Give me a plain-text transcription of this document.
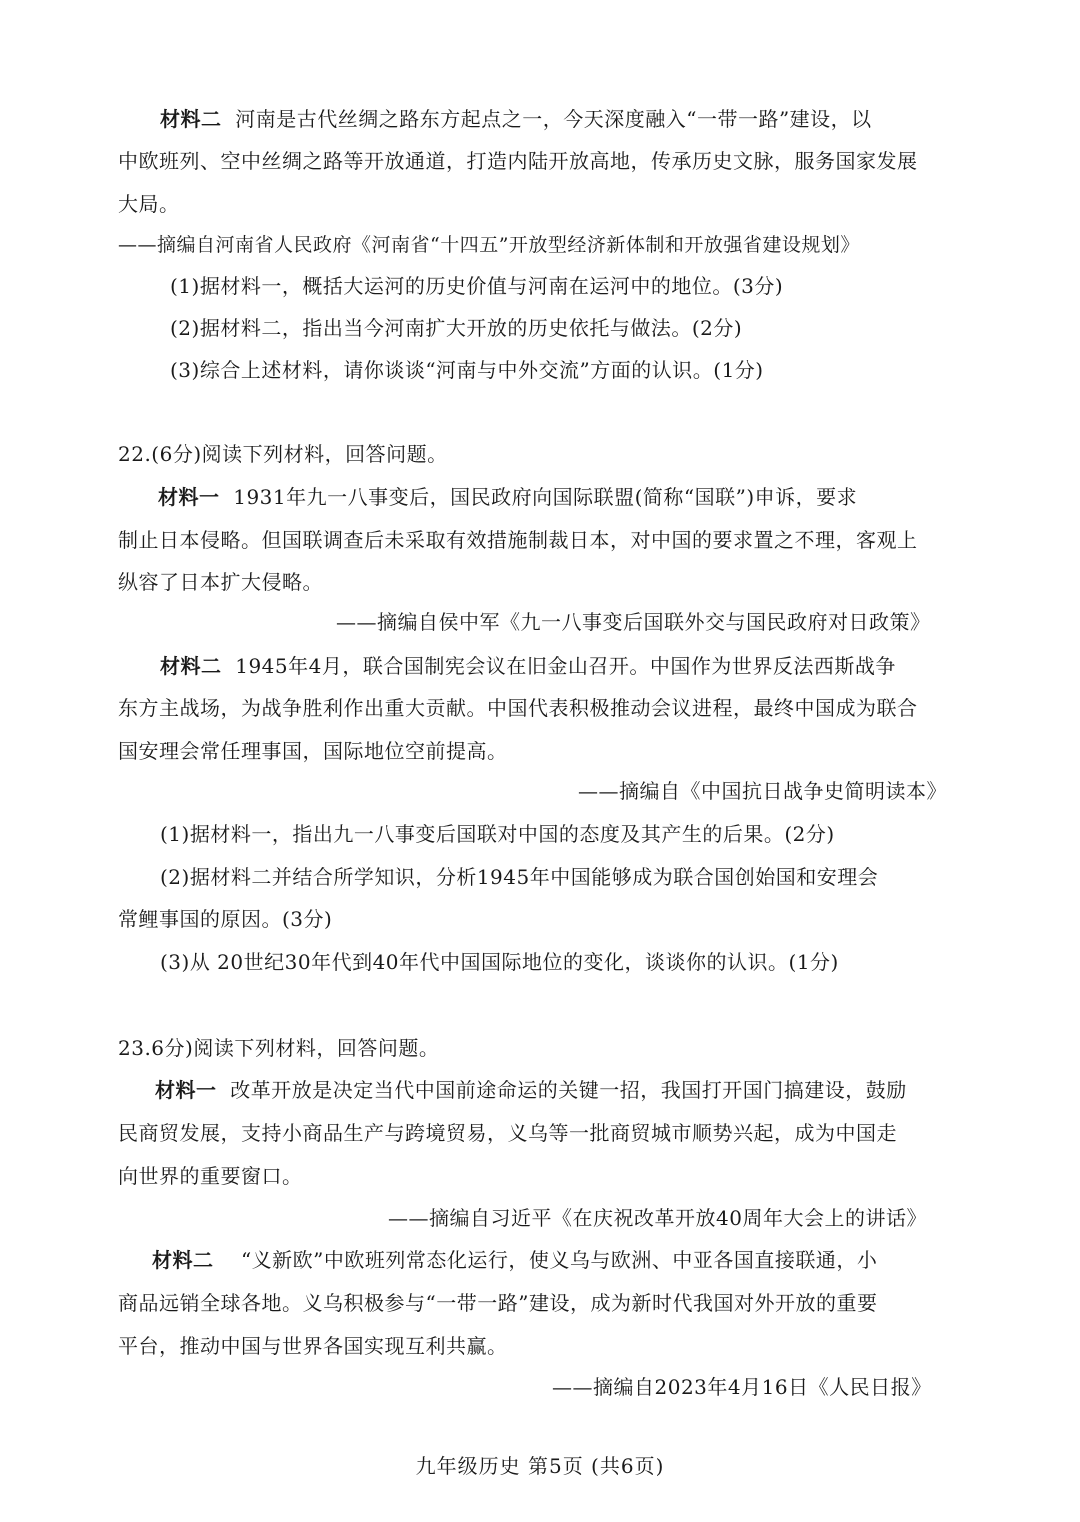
材料二 河南是古代丝绸之路东方起点之一，今天深度融入“一带一路”建设，以
中欧班列、空中丝绸之路等开放通道，打造内陆开放高地，传承历史文脉，服务国家发展
大局。
——摘编自河南省人民政府《河南省“十四五”开放型经济新体制和开放强省建设规划》
(1)据材料一，概括大运河的历史价值与河南在运河中的地位。(3分)
(2)据材料二，指出当今河南扩大开放的历史依托与做法。(2分)
(3)综合上述材料，请你谈谈“河南与中外交流”方面的认识。(1分)
22.(6分)阅读下列材料，回答问题。
材料一 1931年九一八事变后，国民政府向国际联盟(简称“国联”)申诉，要求
制止日本侵略。但国联调查后未采取有效措施制裁日本，对中国的要求置之不理，客观上
纵容了日本扩大侵略。
——摘编自侯中军《九一八事变后国联外交与国民政府对日政策》
材料二 1945年4月，联合国制宪会议在旧金山召开。中国作为世界反法西斯战争
东方主战场，为战争胜利作出重大贡献。中国代表积极推动会议进程，最终中国成为联合
国安理会常任理事国，国际地位空前提高。
——摘编自《中国抗日战争史简明读本》
(1)据材料一，指出九一八事变后国联对中国的态度及其产生的后果。(2分)
(2)据材料二并结合所学知识，分析1945年中国能够成为联合国创始国和安理会
常鲤事国的原因。(3分)
(3)从 20世纪30年代到40年代中国国际地位的变化，谈谈你的认识。(1分)
23.6分)阅读下列材料，回答问题。
材料一 改革开放是决定当代中国前途命运的关键一招，我国打开国门搞建设，鼓励
民商贸发展，支持小商品生产与跨境贸易，义乌等一批商贸城市顺势兴起，成为中国走
向世界的重要窗口。
——摘编自习近平《在庆祝改革开放40周年大会上的讲话》
材料二 “义新欧”中欧班列常态化运行，使义乌与欧洲、中亚各国直接联通，小
商品远销全球各地。义乌积极参与“一带一路”建设，成为新时代我国对外开放的重要
平台，推动中国与世界各国实现互利共赢。
——摘编自2023年4月16日《人民日报》
九年级历史 第5页 (共6页)
